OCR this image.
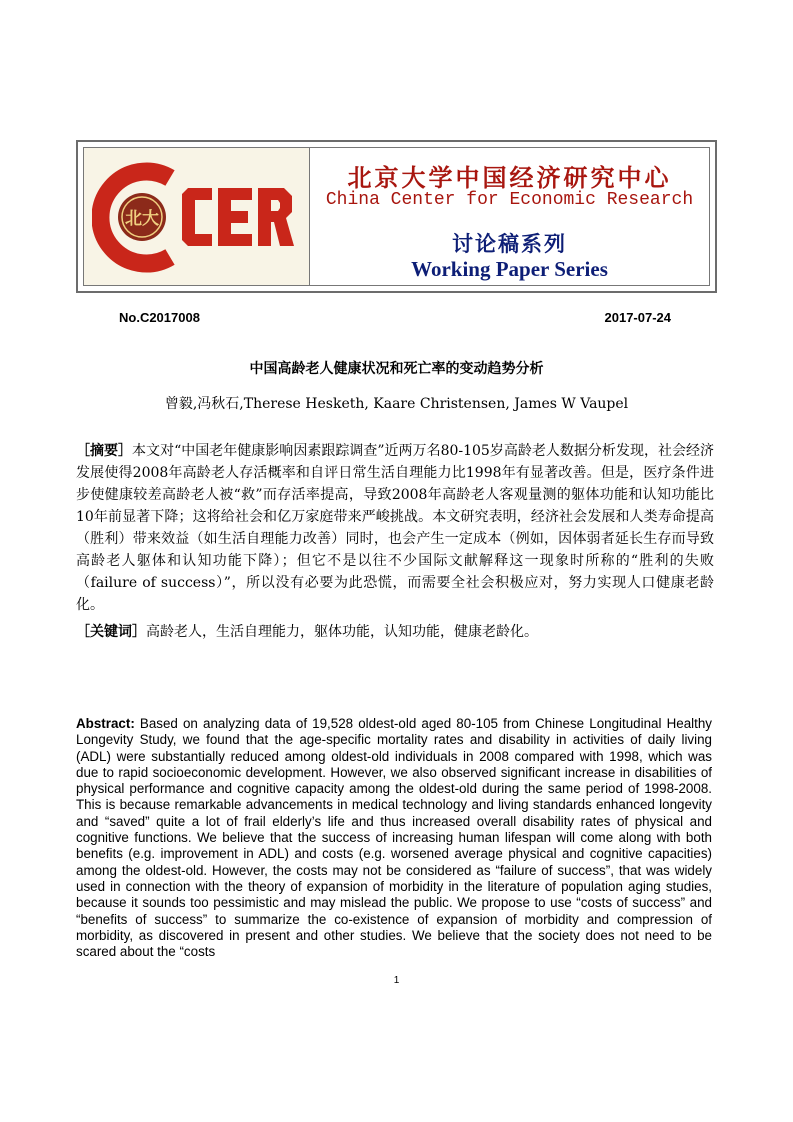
北大
CCER
北京大学中国经济研究中心
China Center for Economic Research
讨论稿系列
Working Paper Series
No.C2017008	2017-07-24
中国高龄老人健康状况和死亡率的变动趋势分析
曾毅,冯秋石,Therese Hesketh, Kaare Christensen, James W Vaupel
［摘要］本文对“中国老年健康影响因素跟踪调查”近两万名80-105岁高龄老人数据分析发现，社会经济发展使得2008年高龄老人存活概率和自评日常生活自理能力比1998年有显著改善。但是，医疗条件进步使健康较差高龄老人被“救”而存活率提高，导致2008年高龄老人客观量测的躯体功能和认知功能比10年前显著下降；这将给社会和亿万家庭带来严峻挑战。本文研究表明，经济社会发展和人类寿命提高（胜利）带来效益（如生活自理能力改善）同时，也会产生一定成本（例如，因体弱者延长生存而导致高龄老人躯体和认知功能下降）；但它不是以往不少国际文献解释这一现象时所称的“胜利的失败（failure of success）”，所以没有必要为此恐慌，而需要全社会积极应对，努力实现人口健康老龄化。
［关键词］高龄老人，生活自理能力，躯体功能，认知功能，健康老龄化。
Abstract: Based on analyzing data of 19,528 oldest-old aged 80-105 from Chinese Longitudinal Healthy Longevity Study, we found that the age-specific mortality rates and disability in activities of daily living (ADL) were substantially reduced among oldest-old individuals in 2008 compared with 1998, which was due to rapid socioeconomic development. However, we also observed significant increase in disabilities of physical performance and cognitive capacity among the oldest-old during the same period of 1998-2008. This is because remarkable advancements in medical technology and living standards enhanced longevity and “saved” quite a lot of frail elderly’s life and thus increased overall disability rates of physical and cognitive functions. We believe that the success of increasing human lifespan will come along with both benefits (e.g. improvement in ADL) and costs (e.g. worsened average physical and cognitive capacities) among the oldest-old. However, the costs may not be considered as “failure of success”, that was widely used in connection with the theory of expansion of morbidity in the literature of population aging studies, because it sounds too pessimistic and may mislead the public. We propose to use “costs of success” and “benefits of success” to summarize the co-existence of expansion of morbidity and compression of morbidity, as discovered in present and other studies. We believe that the society does not need to be scared about the “costs
1
